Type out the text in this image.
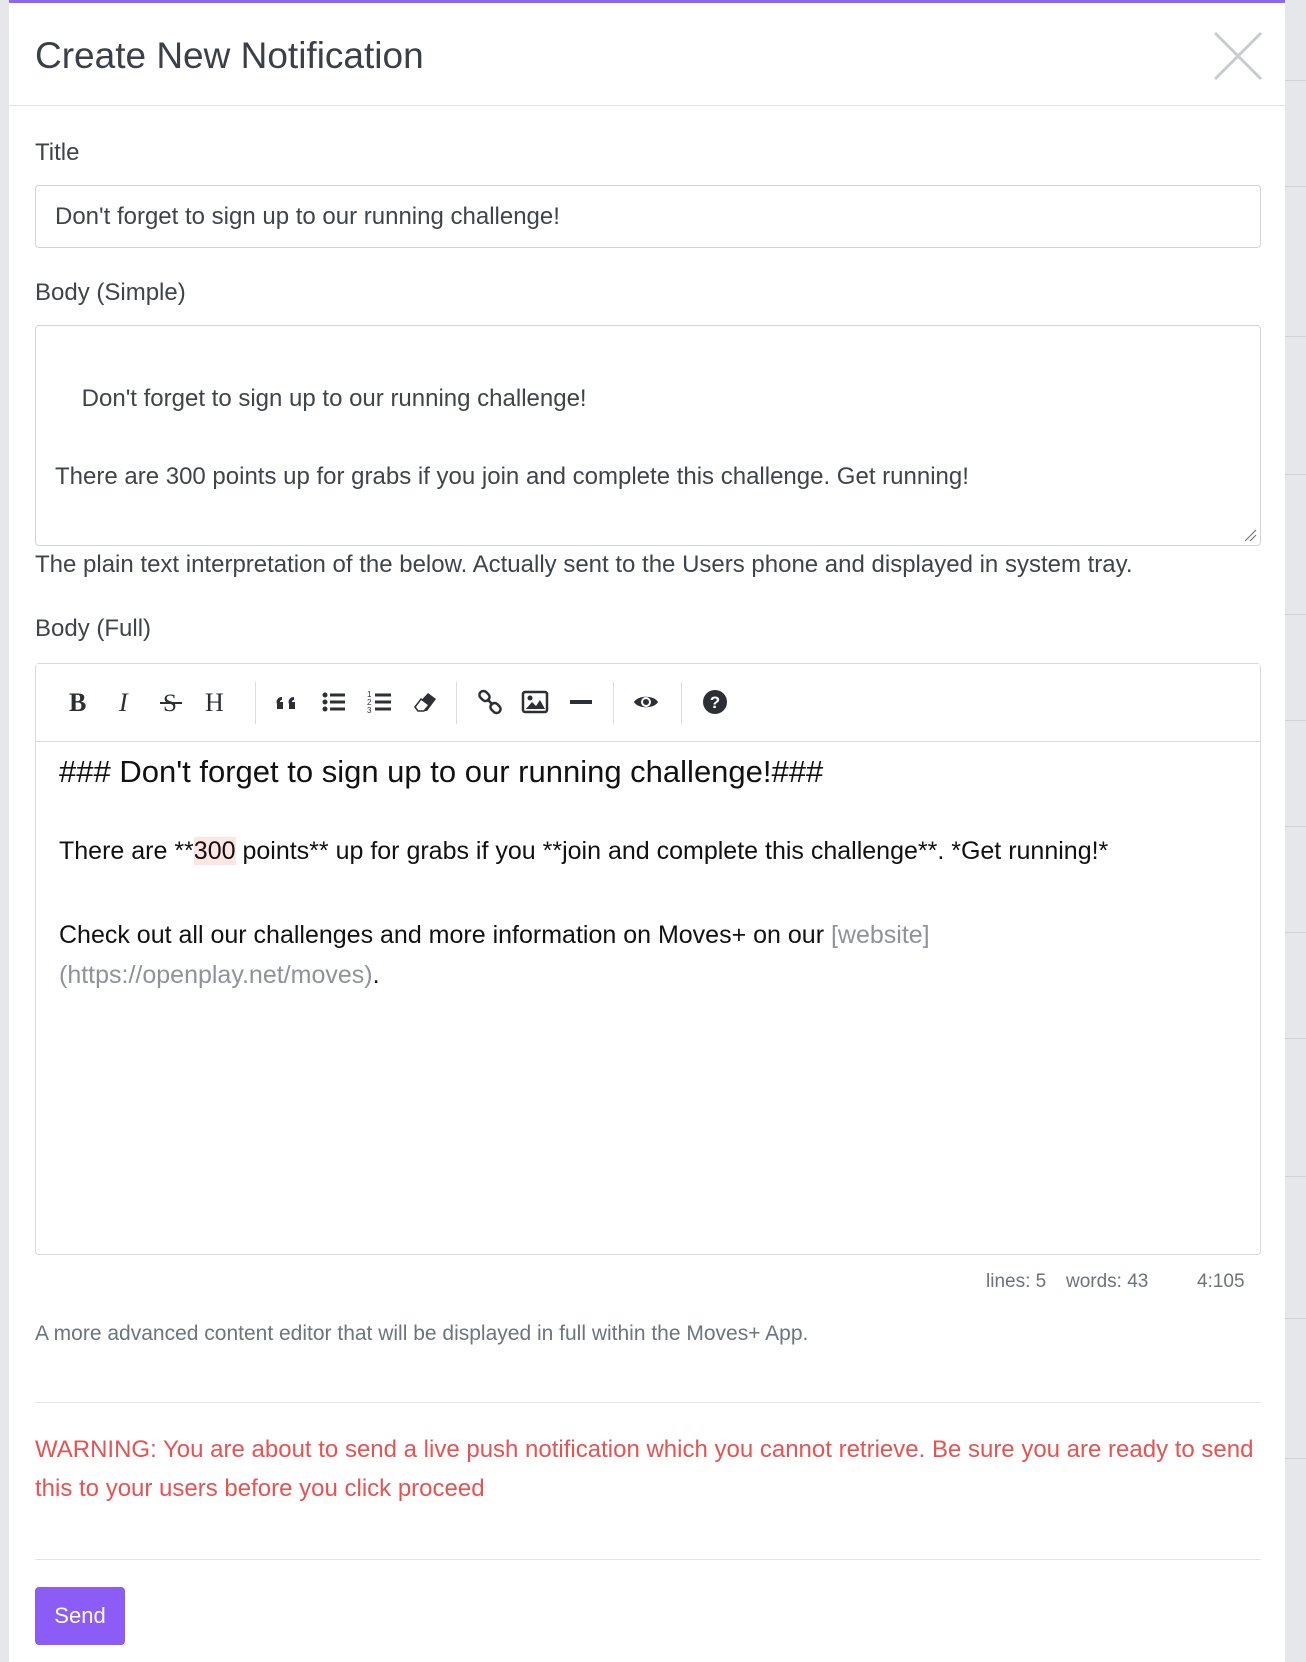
Create New Notification
Title
Don't forget to sign up to our running challenge!
Body (Simple)

Don't forget to sign up to our running challenge!

There are 300 points up for grabs if you join and complete this challenge. Get running!

The plain text interpretation of the below. Actually sent to the Users phone and displayed in system tray.
Body (Full)
B I S H	1
2
3	?
### Don't forget to sign up to our running challenge!###
There are **300 points** up for grabs if you **join and complete this challenge**. *Get running!*
Check out all our challenges and more information on Moves+ on our [website](https://openplay.net/moves).
lines: 5 words: 43	4:105
A more advanced content editor that will be displayed in full within the Moves+ App.
WARNING: You are about to send a live push notification which you cannot retrieve. Be sure you are ready to send this to your users before you click proceed
Send
